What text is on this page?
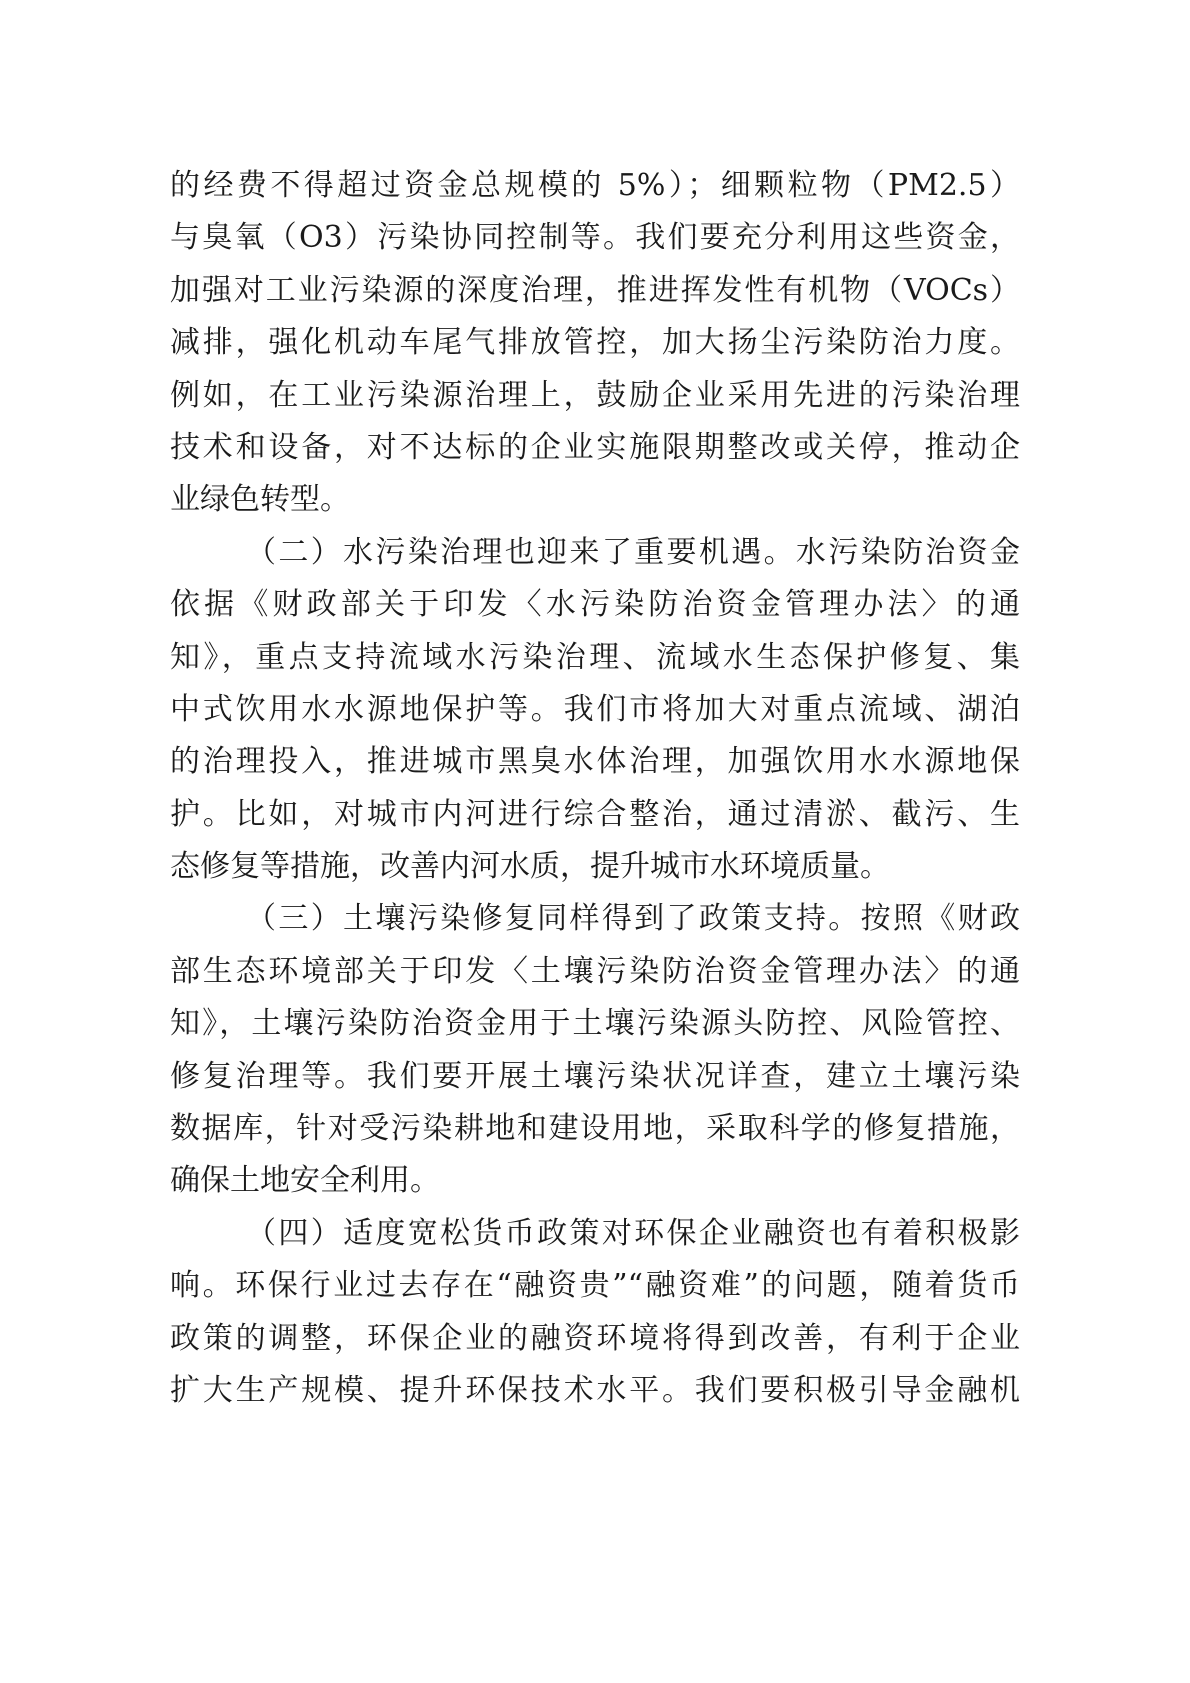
的经费不得超过资金总规模的 5%）；细颗粒物（PM2.5）
与臭氧（O3）污染协同控制等。我们要充分利用这些资金，
加强对工业污染源的深度治理，推进挥发性有机物（VOCs）
减排，强化机动车尾气排放管控，加大扬尘污染防治力度。
例如，在工业污染源治理上，鼓励企业采用先进的污染治理
技术和设备，对不达标的企业实施限期整改或关停，推动企
业绿色转型。
（二）水污染治理也迎来了重要机遇。水污染防治资金
依据《财政部关于印发〈水污染防治资金管理办法〉的通
知》，重点支持流域水污染治理、流域水生态保护修复、集
中式饮用水水源地保护等。我们市将加大对重点流域、湖泊
的治理投入，推进城市黑臭水体治理，加强饮用水水源地保
护。比如，对城市内河进行综合整治，通过清淤、截污、生
态修复等措施，改善内河水质，提升城市水环境质量。
（三）土壤污染修复同样得到了政策支持。按照《财政
部生态环境部关于印发〈土壤污染防治资金管理办法〉的通
知》，土壤污染防治资金用于土壤污染源头防控、风险管控、
修复治理等。我们要开展土壤污染状况详查，建立土壤污染
数据库，针对受污染耕地和建设用地，采取科学的修复措施，
确保土地安全利用。
（四）适度宽松货币政策对环保企业融资也有着积极影
响。环保行业过去存在“融资贵”“融资难”的问题，随着货币
政策的调整，环保企业的融资环境将得到改善，有利于企业
扩大生产规模、提升环保技术水平。我们要积极引导金融机
